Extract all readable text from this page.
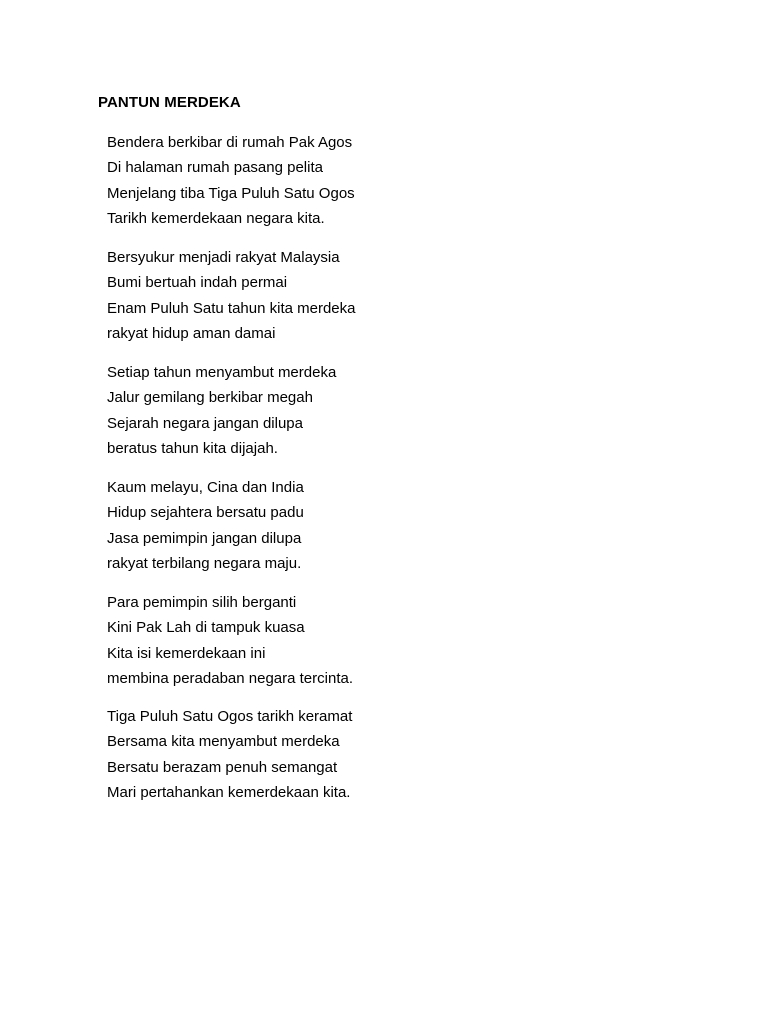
PANTUN MERDEKA
Bendera berkibar di rumah Pak Agos
Di halaman rumah pasang pelita
Menjelang tiba Tiga Puluh Satu Ogos
Tarikh kemerdekaan negara kita.
Bersyukur menjadi rakyat Malaysia
Bumi bertuah indah permai
Enam Puluh Satu tahun kita merdeka
rakyat hidup aman damai
Setiap tahun menyambut merdeka
Jalur gemilang berkibar megah
Sejarah negara jangan dilupa
beratus tahun kita dijajah.
Kaum melayu, Cina dan India
Hidup sejahtera bersatu padu
Jasa pemimpin jangan dilupa
rakyat terbilang negara maju.
Para pemimpin silih berganti
Kini Pak Lah di tampuk kuasa
Kita isi kemerdekaan ini
membina peradaban negara tercinta.
Tiga Puluh Satu Ogos tarikh keramat
Bersama kita menyambut merdeka
Bersatu berazam penuh semangat
Mari pertahankan kemerdekaan kita.
